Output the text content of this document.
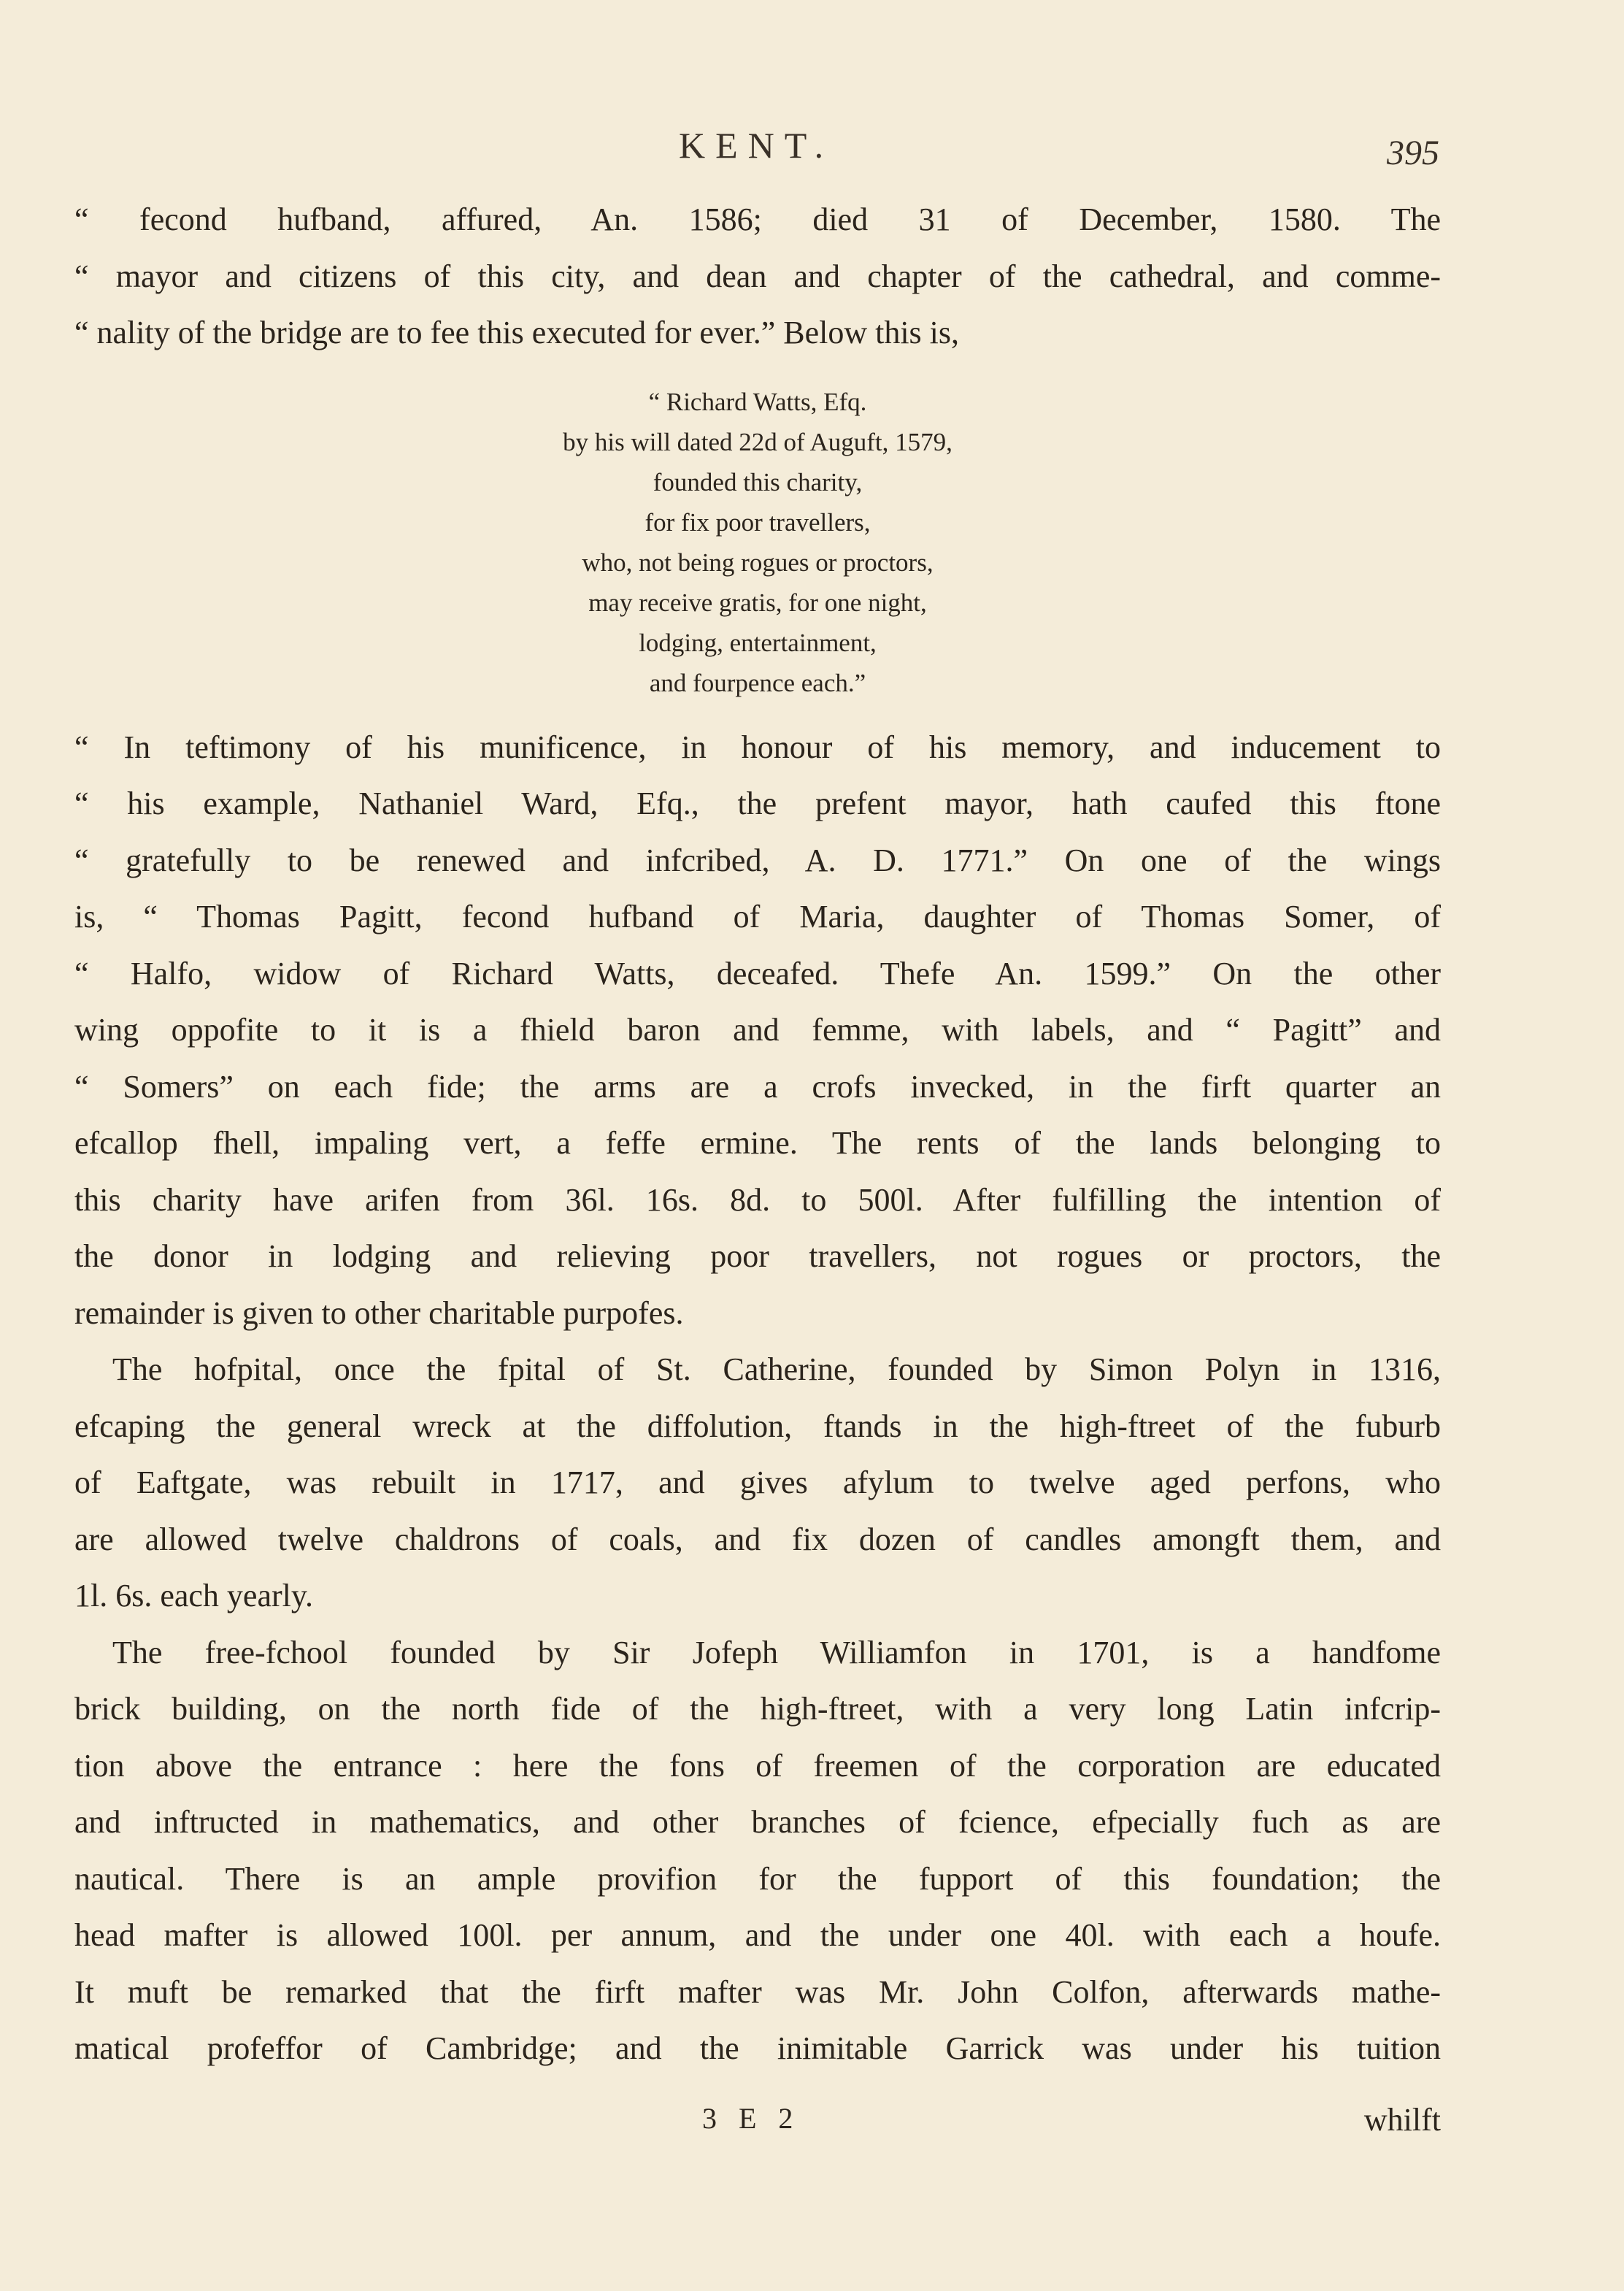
KENT.	395
“ fecond hufband, affured, An. 1586; died 31 of December, 1580. The
“ mayor and citizens of this city, and dean and chapter of the cathedral, and comme-
“ nality of the bridge are to fee this executed for ever.” Below this is,
“ Richard Watts, Efq.
by his will dated 22d of Auguft, 1579,
founded this charity,
for fix poor travellers,
who, not being rogues or proctors,
may receive gratis, for one night,
lodging, entertainment,
and fourpence each.”
“ In teftimony of his munificence, in honour of his memory, and inducement to
“ his example, Nathaniel Ward, Efq., the prefent mayor, hath caufed this ftone
“ gratefully to be renewed and infcribed, A. D. 1771.” On one of the wings
is, “ Thomas Pagitt, fecond hufband of Maria, daughter of Thomas Somer, of
“ Halfo, widow of Richard Watts, deceafed. Thefe An. 1599.” On the other
wing oppofite to it is a fhield baron and femme, with labels, and “ Pagitt” and
“ Somers” on each fide; the arms are a crofs invecked, in the firft quarter an
efcallop fhell, impaling vert, a feffe ermine. The rents of the lands belonging to
this charity have arifen from 36l. 16s. 8d. to 500l. After fulfilling the intention of
the donor in lodging and relieving poor travellers, not rogues or proctors, the
remainder is given to other charitable purpofes.
The hofpital, once the fpital of St. Catherine, founded by Simon Polyn in 1316,
efcaping the general wreck at the diffolution, ftands in the high-ftreet of the fuburb
of Eaftgate, was rebuilt in 1717, and gives afylum to twelve aged perfons, who
are allowed twelve chaldrons of coals, and fix dozen of candles amongft them, and
1l. 6s. each yearly.
The free-fchool founded by Sir Jofeph Williamfon in 1701, is a handfome
brick building, on the north fide of the high-ftreet, with a very long Latin infcrip-
tion above the entrance : here the fons of freemen of the corporation are educated
and inftructed in mathematics, and other branches of fcience, efpecially fuch as are
nautical. There is an ample provifion for the fupport of this foundation; the
head mafter is allowed 100l. per annum, and the under one 40l. with each a houfe.
It muft be remarked that the firft mafter was Mr. John Colfon, afterwards mathe-
matical profeffor of Cambridge; and the inimitable Garrick was under his tuition
3 E 2	whilft
